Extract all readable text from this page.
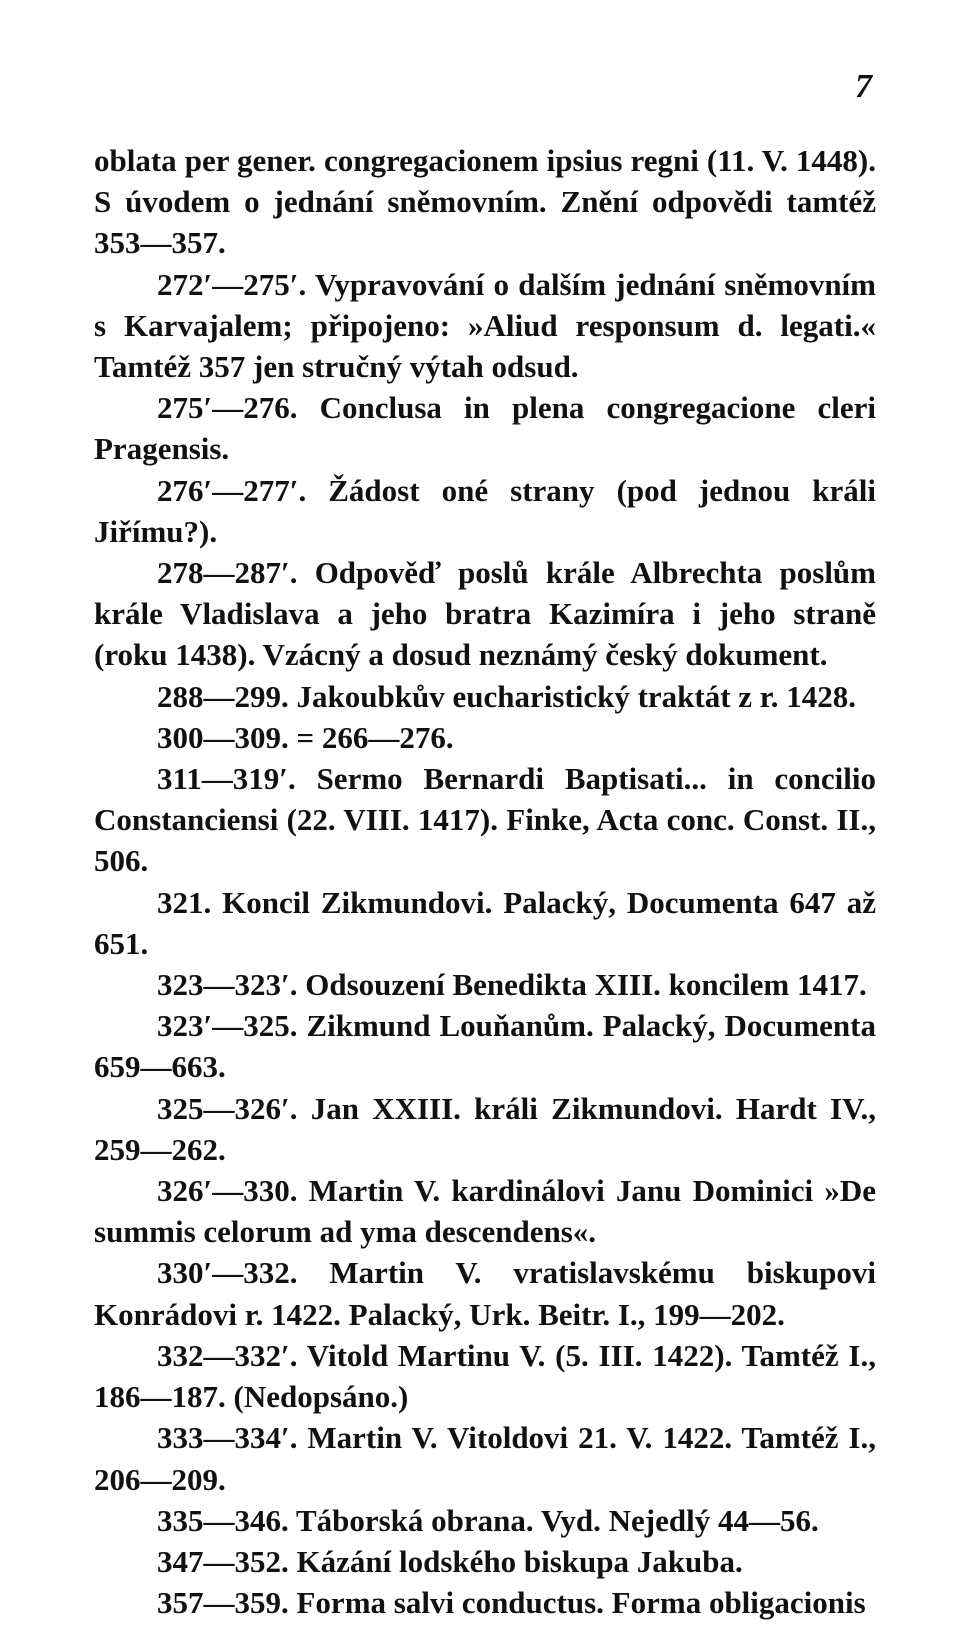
7

oblata per gener. congregacionem ipsius regni (11. V. 1448). S úvodem o jednání sněmovním. Znění odpovědi tamtéž 353—357.

272′—275′. Vypravování o dalším jednání sněmovním s Karvajalem; připojeno: »Aliud responsum d. legati.« Tamtéž 357 jen stručný výtah odsud.

275′—276. Conclusa in plena congregacione cleri Pragensis.

276′—277′. Žádost oné strany (pod jednou králi Jiřímu?).

278—287′. Odpověď poslů krále Albrechta poslům krále Vladislava a jeho bratra Kazimíra i jeho straně (roku 1438). Vzácný a dosud neznámý český dokument.

288—299. Jakoubkův eucharistický traktát z r. 1428.

300—309. = 266—276.

311—319′. Sermo Bernardi Baptisati... in concilio Constanciensi (22. VIII. 1417). Finke, Acta conc. Const. II., 506.

321. Koncil Zikmundovi. Palacký, Documenta 647 až 651.

323—323′. Odsouzení Benedikta XIII. koncilem 1417.

323′—325. Zikmund Louňanům. Palacký, Documenta 659—663.

325—326′. Jan XXIII. králi Zikmundovi. Hardt IV., 259—262.

326′—330. Martin V. kardinálovi Janu Dominici »De summis celorum ad yma descendens«.

330′—332. Martin V. vratislavskému biskupovi Konrádovi r. 1422. Palacký, Urk. Beitr. I., 199—202.

332—332′. Vitold Martinu V. (5. III. 1422). Tamtéž I., 186—187. (Nedopsáno.)

333—334′. Martin V. Vitoldovi 21. V. 1422. Tamtéž I., 206—209.

335—346. Táborská obrana. Vyd. Nejedlý 44—56.

347—352. Kázání lodského biskupa Jakuba.

357—359. Forma salvi conductus. Forma obligacionis
